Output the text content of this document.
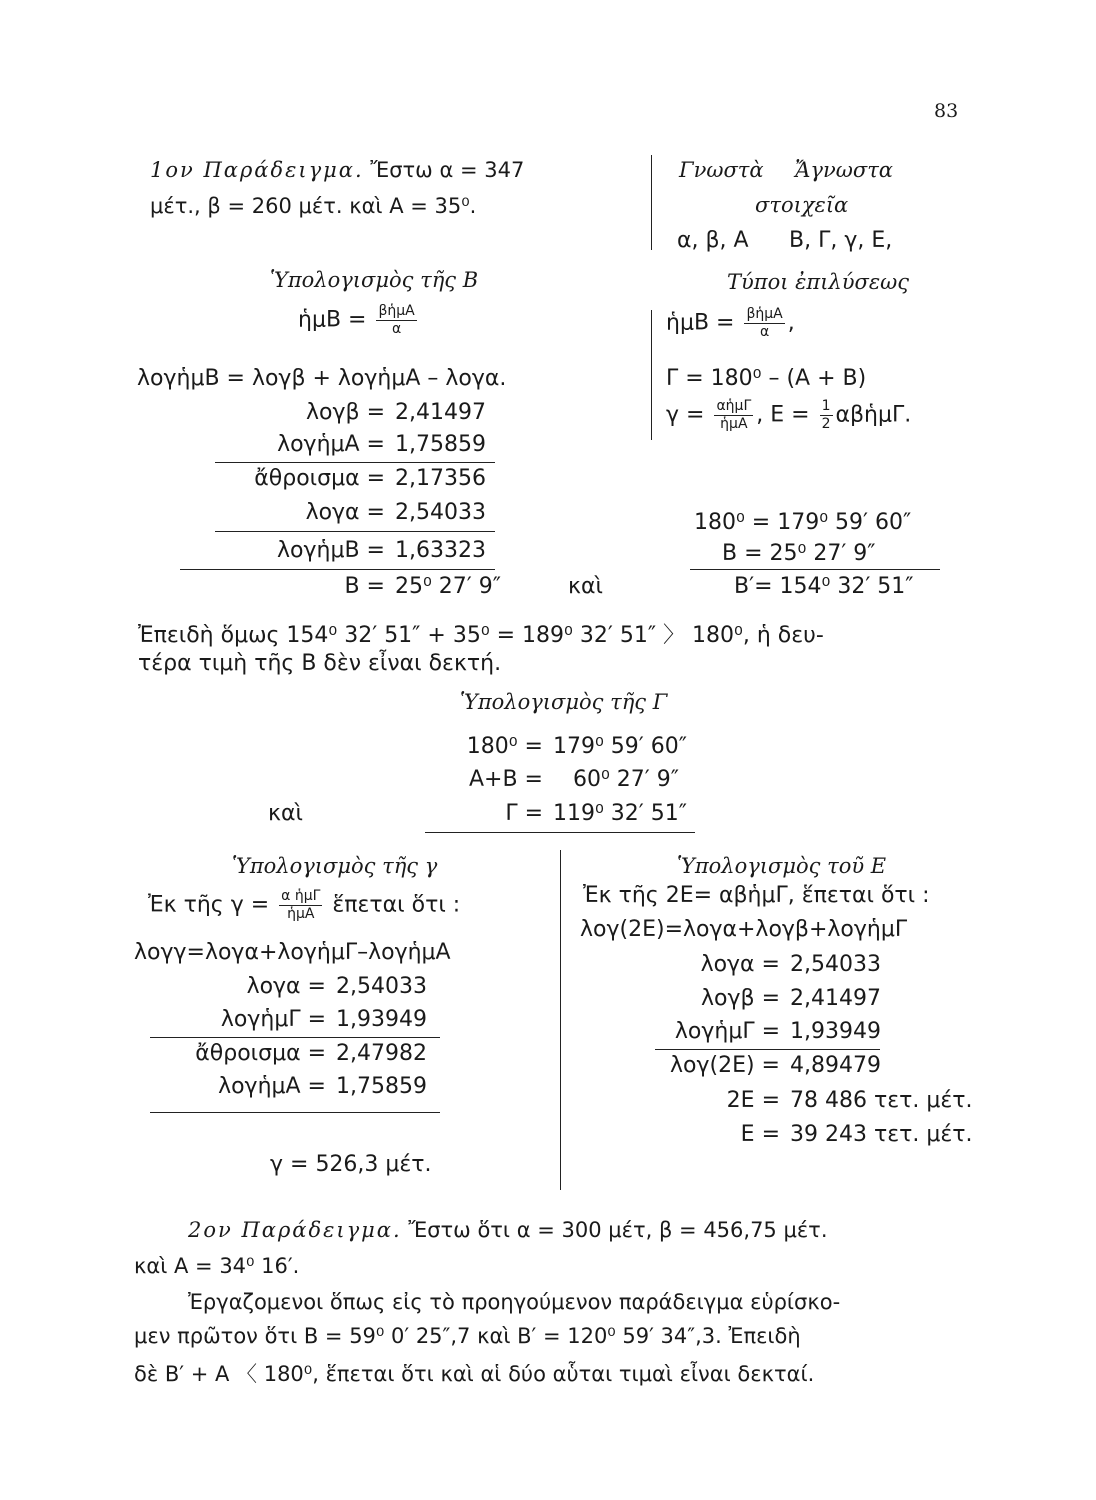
83
1ον Παράδειγμα. Ἔστω α = 347
μέτ., β = 260 μέτ. καὶ Α = 35⁰.
Ὑπολογισμὸς τῆς Β
ἡμΒ = $\frac{\text{βἡμΑ}}{\alpha}$
λογἡμΒ = λογβ + λογἡμΑ – λογα.
λογβ = 2,41497
λογἡμΑ = 1,75859
ἄθροισμα = 2,17356
λογα = 2,54033
λογἡμΒ = 1,63323
Β = 25⁰ 27′ 9″	καὶ
Γνωστὰ Ἄγνωστα
στοιχεῖα
α, β, Α Β, Γ, γ, Ε,
Τύποι ἐπιλύσεως
ἡμΒ = $\frac{\text{βἡμΑ}}{\alpha}$ ,
Γ = 180⁰ – (Α + Β)
$\gamma = \frac{\text{αἡμΓ}}{\text{ἡμΑ}}$ , $E = \frac{1}{2}$ αβἡμΓ.
180⁰ = 179⁰ 59′ 60″
Β = 25⁰ 27′ 9″
Β′= 154⁰ 32′ 51″
Ἐπειδὴ ὅμως 154⁰ 32′ 51″ + 35⁰ = 189⁰ 32′ 51″ 〉 180⁰, ἡ δευ-
τέρα τιμὴ τῆς Β δὲν εἶναι δεκτή.
Ὑπολογισμὸς τῆς Γ
180⁰ = 179⁰ 59′ 60″
Α+Β = 60⁰ 27′ 9″
καὶ	Γ = 119⁰ 32′ 51″
Ὑπολογισμὸς τῆς γ
Ἐκ τῆς $\gamma = \frac{\text{α ἡμΓ}}{\text{ἡμΑ}}$ ἕπεται ὅτι :
λογγ=λογα+λογἡμΓ–λογἡμΑ
λογα = 2,54033
λογἡμΓ = 1,93949
ἄθροισμα = 2,47982
λογἡμΑ = 1,75859
γ = 526,3 μέτ.
Ὑπολογισμὸς τοῦ Ε
Ἐκ τῆς 2Ε= αβἡμΓ, ἕπεται ὅτι :
λογ(2Ε)=λογα+λογβ+λογἡμΓ
λογα = 2,54033
λογβ = 2,41497
λογἡμΓ = 1,93949
λογ(2Ε) = 4,89479
2Ε = 78 486 τετ. μέτ.
Ε = 39 243 τετ. μέτ.
2ον Παράδειγμα. Ἔστω ὅτι α = 300 μέτ, β = 456,75 μέτ.
καὶ Α = 34⁰ 16′.
Ἐργαζομενοι ὅπως εἰς τὸ προηγούμενον παράδειγμα εὑρίσκο-
μεν πρῶτον ὅτι Β = 59⁰ 0′ 25″,7 καὶ Β′ = 120⁰ 59′ 34″,3. Ἐπειδὴ
δὲ Β′ + Α 〈 180⁰, ἕπεται ὅτι καὶ αἱ δύο αὗται τιμαὶ εἶναι δεκταί.
